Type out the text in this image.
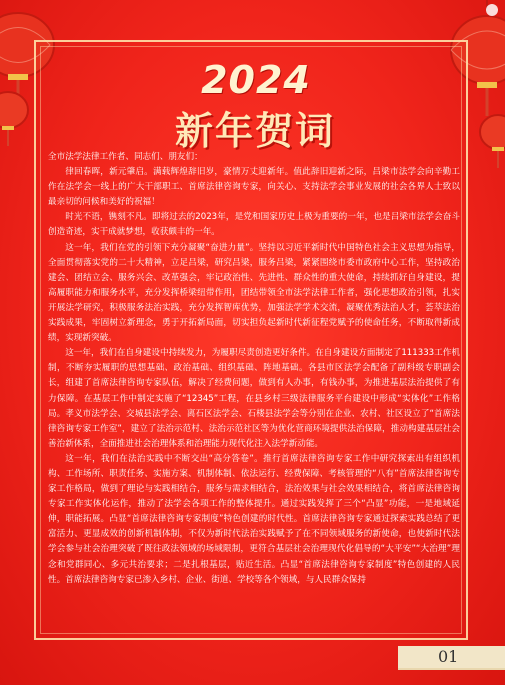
2024
新年贺词

全市法学法律工作者、同志们、朋友们：

律回春晖，新元肇启。满载辉煌辞旧岁，豪情万丈迎新年。值此辞旧迎新之际，吕梁市法学会向辛勤工作在法学会一线上的广大干部职工、首席法律咨询专家，向关心、支持法学会事业发展的社会各界人士致以最亲切的问候和美好的祝福！

时光不语，镌刻不凡。即将过去的2023年，是党和国家历史上极为重要的一年，也是吕梁市法学会奋斗创造奇迹，实干成就梦想，收获颇丰的一年。

这一年，我们在党的引领下充分凝聚“奋进力量”。坚持以习近平新时代中国特色社会主义思想为指导，全面贯彻落实党的二十大精神，立足吕梁，研究吕梁，服务吕梁，紧紧围绕市委市政府中心工作，坚持政治建会、团结立会、服务兴会、改革强会，牢记政治性、先进性、群众性的重大使命，持续抓好自身建设，提高履职能力和服务水平，充分发挥桥梁纽带作用，团结带领全市法学法律工作者，强化思想政治引领，扎实开展法学研究，积极服务法治实践，充分发挥智库优势，加强法学学术交流，凝聚优秀法治人才，荟萃法治实践成果，牢固树立新理念，勇于开拓新局面，切实担负起新时代新征程党赋予的使命任务，不断取得新成绩，实现新突破。

这一年，我们在自身建设中持续发力，为履职尽责创造更好条件。在自身建设方面制定了111333工作机制，不断夯实履职的思想基础、政治基础、组织基础、阵地基础。各县市区法学会配备了副科级专职副会长，组建了首席法律咨询专家队伍，解决了经费问题，做到有人办事，有钱办事，为推进基层法治提供了有力保障。在基层工作中制定实施了“12345”工程，在县乡村三级法律服务平台建设中形成“实体化”工作格局。孝义市法学会、交城县法学会、离石区法学会、石楼县法学会等分别在企业、农村、社区设立了“首席法律咨询专家工作室”，建立了法治示范村、法治示范社区等为优化营商环境提供法治保障，推动构建基层社会善治新体系，全面推进社会治理体系和治理能力现代化注入法学新动能。

这一年，我们在法治实践中不断交出“高分答卷”。推行首席法律咨询专家工作中研究探索出有组织机构、工作场所、职责任务、实施方案、机制体制、依法运行、经费保障、考核管理的“八有”首席法律咨询专家工作格局，做到了理论与实践相结合，服务与需求相结合，法治效果与社会效果相结合，将首席法律咨询专家工作实体化运作，推动了法学会各项工作的整体提升。通过实践发挥了三个“凸显”功能，一是地域延伸，职能拓展。凸显“首席法律咨询专家制度”特色创建的时代性。首席法律咨询专家通过探索实践总结了更富活力、更显成效的创新机制体制，不仅为新时代法治实践赋予了在不同领域服务的新使命，也使新时代法学会参与社会治理突破了既往政法领域的场域限制，更符合基层社会治理现代化倡导的“大平安”“大治理”理念和党群同心、多元共治要求；二是扎根基层，贴近生活。凸显“首席法律咨询专家制度”特色创建的人民性。首席法律咨询专家已渗入乡村、企业、街道、学校等各个领域，与人民群众保持

01
